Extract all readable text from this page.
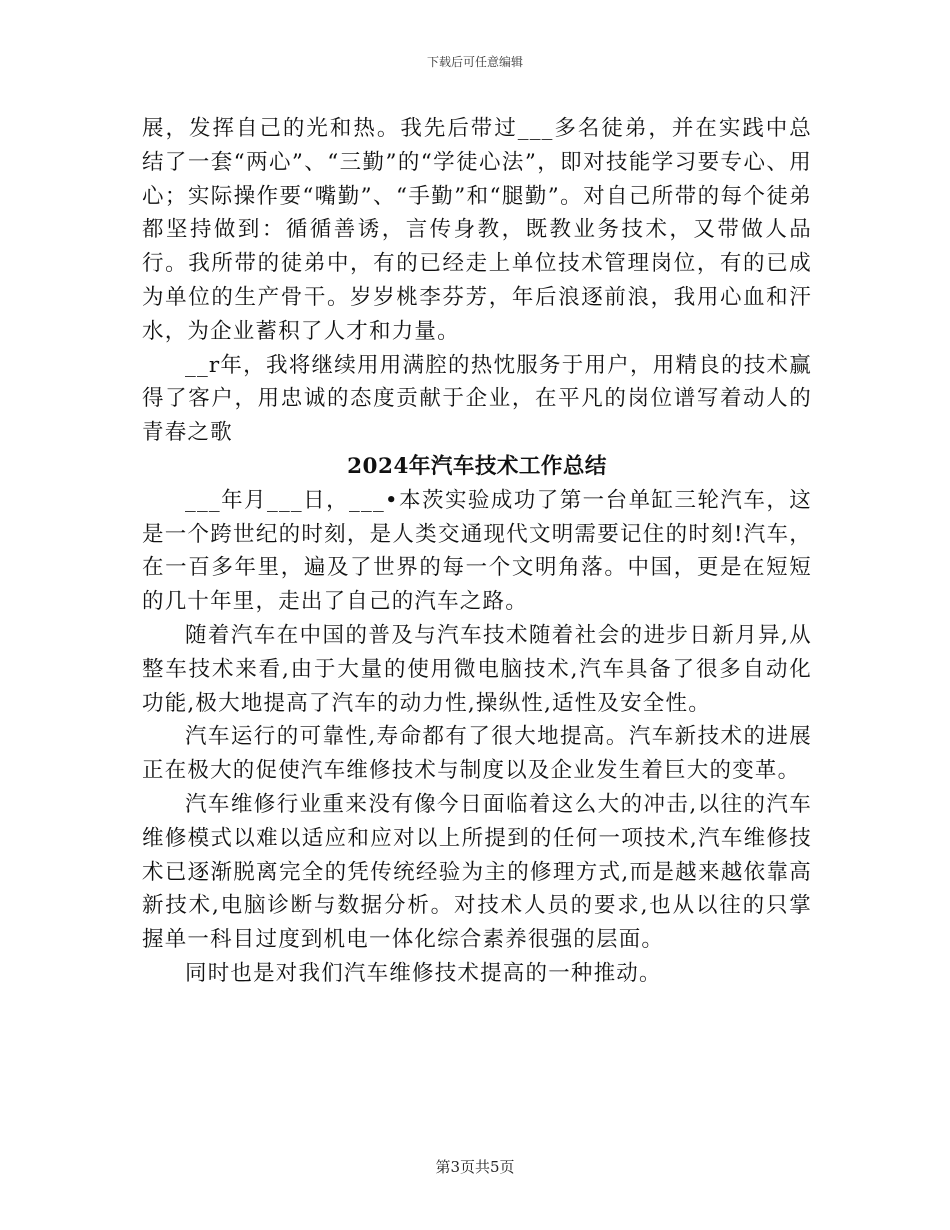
下载后可任意编辑

展，发挥自己的光和热。我先后带过___多名徒弟，并在实践中总结了一套“两心”、“三勤”的“学徒心法”，即对技能学习要专心、用心；实际操作要“嘴勤”、“手勤”和“腿勤”。对自己所带的每个徒弟都坚持做到：循循善诱，言传身教，既教业务技术，又带做人品行。我所带的徒弟中，有的已经走上单位技术管理岗位，有的已成为单位的生产骨干。岁岁桃李芬芳，年后浪逐前浪，我用心血和汗水，为企业蓄积了人才和力量。

__r年，我将继续用用满腔的热忱服务于用户，用精良的技术赢得了客户，用忠诚的态度贡献于企业，在平凡的岗位谱写着动人的青春之歌

2024年汽车技术工作总结

___年月___日，___•本茨实验成功了第一台单缸三轮汽车，这是一个跨世纪的时刻，是人类交通现代文明需要记住的时刻!汽车，在一百多年里，遍及了世界的每一个文明角落。中国，更是在短短的几十年里，走出了自己的汽车之路。

随着汽车在中国的普及与汽车技术随着社会的进步日新月异,从整车技术来看,由于大量的使用微电脑技术,汽车具备了很多自动化功能,极大地提高了汽车的动力性,操纵性,适性及安全性。

汽车运行的可靠性,寿命都有了很大地提高。汽车新技术的进展正在极大的促使汽车维修技术与制度以及企业发生着巨大的变革。

汽车维修行业重来没有像今日面临着这么大的冲击,以往的汽车维修模式以难以适应和应对以上所提到的任何一项技术,汽车维修技术已逐渐脱离完全的凭传统经验为主的修理方式,而是越来越依靠高新技术,电脑诊断与数据分析。对技术人员的要求,也从以往的只掌握单一科目过度到机电一体化综合素养很强的层面。

同时也是对我们汽车维修技术提高的一种推动。

第3页共5页
